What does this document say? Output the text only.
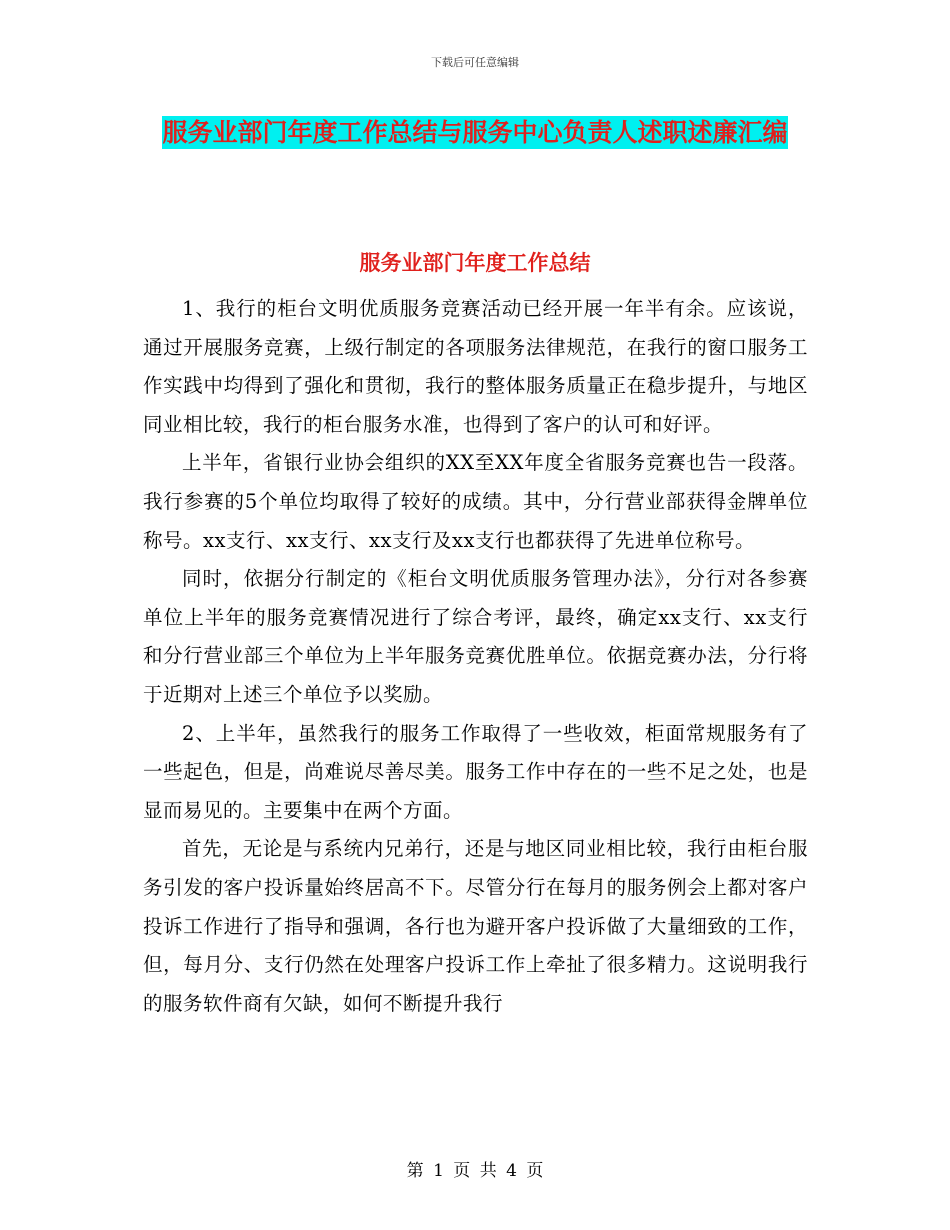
下载后可任意编辑
服务业部门年度工作总结与服务中心负责人述职述廉汇编
服务业部门年度工作总结

1、我行的柜台文明优质服务竞赛活动已经开展一年半有余。应该说，通过开展服务竞赛，上级行制定的各项服务法律规范，在我行的窗口服务工作实践中均得到了强化和贯彻，我行的整体服务质量正在稳步提升，与地区同业相比较，我行的柜台服务水准，也得到了客户的认可和好评。

上半年，省银行业协会组织的XX至XX年度全省服务竞赛也告一段落。我行参赛的5个单位均取得了较好的成绩。其中，分行营业部获得金牌单位称号。xx支行、xx支行、xx支行及xx支行也都获得了先进单位称号。

同时，依据分行制定的《柜台文明优质服务管理办法》，分行对各参赛单位上半年的服务竞赛情况进行了综合考评，最终，确定xx支行、xx支行和分行营业部三个单位为上半年服务竞赛优胜单位。依据竞赛办法，分行将于近期对上述三个单位予以奖励。

2、上半年，虽然我行的服务工作取得了一些收效，柜面常规服务有了一些起色，但是，尚难说尽善尽美。服务工作中存在的一些不足之处，也是显而易见的。主要集中在两个方面。

首先，无论是与系统内兄弟行，还是与地区同业相比较，我行由柜台服务引发的客户投诉量始终居高不下。尽管分行在每月的服务例会上都对客户投诉工作进行了指导和强调，各行也为避开客户投诉做了大量细致的工作，但，每月分、支行仍然在处理客户投诉工作上牵扯了很多精力。这说明我行的服务软件商有欠缺，如何不断提升我行

第 1 页 共 4 页
